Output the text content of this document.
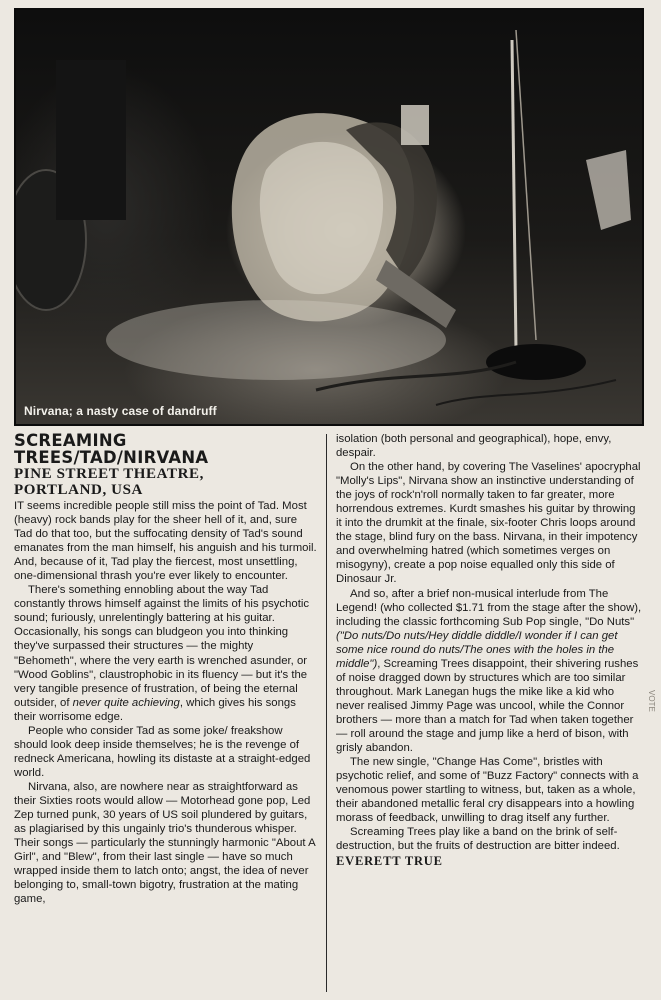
Nirvana; a nasty case of dandruff
SCREAMING
TREES/TAD/NIRVANA
PINE STREET THEATRE,
PORTLAND, USA

IT seems incredible people still miss the point of Tad. Most (heavy) rock bands play for the sheer hell of it, and, sure Tad do that too, but the suffocating density of Tad's sound emanates from the man himself, his anguish and his turmoil. And, because of it, Tad play the fiercest, most unsettling, one-dimensional thrash you're ever likely to encounter.

There's something ennobling about the way Tad constantly throws himself against the limits of his psychotic sound; furiously, unrelentingly battering at his guitar. Occasionally, his songs can bludgeon you into thinking they've surpassed their structures — the mighty "Behometh", where the very earth is wrenched asunder, or "Wood Goblins", claustrophobic in its fluency — but it's the very tangible presence of frustration, of being the eternal outsider, of never quite achieving, which gives his songs their worrisome edge.

People who consider Tad as some joke/ freakshow should look deep inside themselves; he is the revenge of redneck Americana, howling its distaste at a straight-edged world.

Nirvana, also, are nowhere near as straightforward as their Sixties roots would allow — Motorhead gone pop, Led Zep turned punk, 30 years of US soil plundered by guitars, as plagiarised by this ungainly trio's thunderous whisper. Their songs — particularly the stunningly harmonic "About A Girl", and "Blew", from their last single — have so much wrapped inside them to latch onto; angst, the idea of never belonging to, small-town bigotry, frustration at the mating game,

isolation (both personal and geographical), hope, envy, despair.

On the other hand, by covering The Vaselines' apocryphal "Molly's Lips", Nirvana show an instinctive understanding of the joys of rock'n'roll normally taken to far greater, more horrendous extremes. Kurdt smashes his guitar by throwing it into the drumkit at the finale, six-footer Chris loops around the stage, blind fury on the bass. Nirvana, in their impotency and overwhelming hatred (which sometimes verges on misogyny), create a pop noise equalled only this side of Dinosaur Jr.

And so, after a brief non-musical interlude from The Legend! (who collected $1.71 from the stage after the show), including the classic forthcoming Sub Pop single, "Do Nuts" ("Do nuts/Do nuts/Hey diddle diddle/I wonder if I can get some nice round do nuts/The ones with the holes in the middle"), Screaming Trees disappoint, their shivering rushes of noise dragged down by structures which are too similar throughout. Mark Lanegan hugs the mike like a kid who never realised Jimmy Page was uncool, while the Connor brothers — more than a match for Tad when taken together — roll around the stage and jump like a herd of bison, with grisly abandon.

The new single, "Change Has Come", bristles with psychotic relief, and some of "Buzz Factory" connects with a venomous power startling to witness, but, taken as a whole, their abandoned metallic feral cry disappears into a howling morass of feedback, unwilling to drag itself any further.

Screaming Trees play like a band on the brink of self-destruction, but the fruits of destruction are bitter indeed.

EVERETT TRUE
VOTE
